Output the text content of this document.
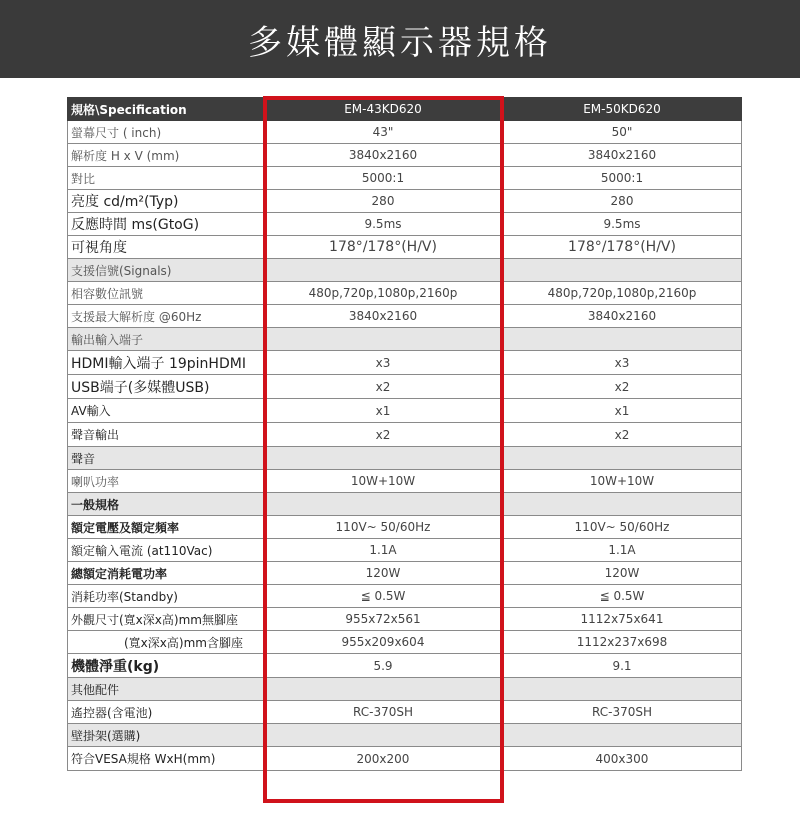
多媒體顯示器規格
規格\Specification	EM-43KD620	EM-50KD620
螢幕尺寸 ( inch)	43"	50"
解析度 H x V (mm)	3840x2160	3840x2160
對比	5000:1	5000:1
亮度 cd/m²(Typ)	280	280
反應時間 ms(GtoG)	9.5ms	9.5ms
可視角度	178°/178°(H/V)	178°/178°(H/V)
支援信號(Signals)		
相容數位訊號	480p,720p,1080p,2160p	480p,720p,1080p,2160p
支援最大解析度 @60Hz	3840x2160	3840x2160
輸出輸入端子		
HDMI輸入端子 19pinHDMI	x3	x3
USB端子(多媒體USB)	x2	x2
AV輸入	x1	x1
聲音輸出	x2	x2
聲音		
喇叭功率	10W+10W	10W+10W
一般規格		
額定電壓及額定頻率	110V~ 50/60Hz	110V~ 50/60Hz
額定輸入電流 (at110Vac)	1.1A	1.1A
總額定消耗電功率	120W	120W
消耗功率(Standby)	≦ 0.5W	≦ 0.5W
外觀尺寸(寬x深x高)mm無腳座	955x72x561	1112x75x641
(寬x深x高)mm含腳座	955x209x604	1112x237x698
機體淨重(kg)	5.9	9.1
其他配件		
遙控器(含電池)	RC-370SH	RC-370SH
壁掛架(選購)		
符合VESA規格 WxH(mm)	200x200	400x300
